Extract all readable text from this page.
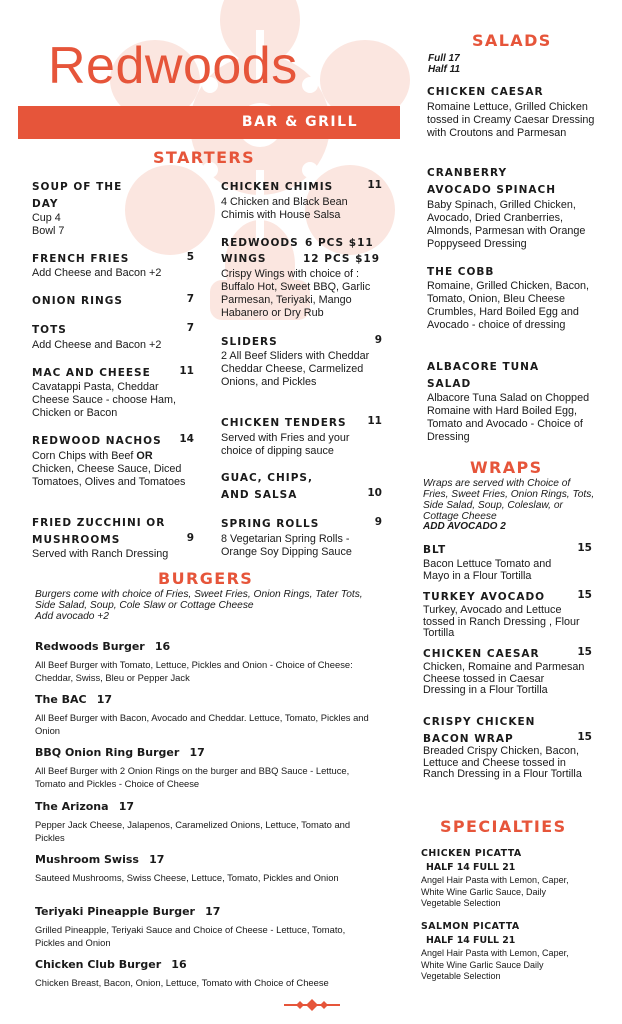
Redwoods
BAR & GRILL
STARTERS
SOUP OF THE DAY
Cup 4
Bowl 7
FRENCH FRIES	5
Add Cheese and Bacon +2
ONION RINGS	7
TOTS	7
Add Cheese and Bacon +2
MAC AND CHEESE	11
Cavatappi Pasta, Cheddar Cheese Sauce - choose Ham, Chicken or Bacon
REDWOOD NACHOS	14
Corn Chips with Beef OR Chicken, Cheese Sauce, Diced Tomatoes, Olives and Tomatoes
FRIED ZUCCHINI OR MUSHROOMS	9
Served with Ranch Dressing
CHICKEN CHIMIS	11
4 Chicken and Black Bean Chimis with House Salsa
REDWOODS 6 PCS $11
WINGS	12 PCS $19
Crispy Wings with choice of : Buffalo Hot, Sweet BBQ, Garlic Parmesan, Teriyaki, Mango Habanero or Dry Rub
SLIDERS	9
2 All Beef Sliders with Cheddar Cheddar Cheese, Carmelized Onions, and Pickles
CHICKEN TENDERS	11
Served with Fries and your choice of dipping sauce
GUAC, CHIPS, AND SALSA	10
SPRING ROLLS	9
8 Vegetarian Spring Rolls - Orange Soy Dipping Sauce
BURGERS
Burgers come with choice of Fries, Sweet Fries, Onion Rings, Tater Tots, Side Salad, Soup, Cole Slaw or Cottage Cheese
Add avocado +2
Redwoods Burger 16
All Beef Burger with Tomato, Lettuce, Pickles and Onion - Choice of Cheese: Cheddar, Swiss, Bleu or Pepper Jack
The BAC 17
All Beef Burger with Bacon, Avocado and Cheddar. Lettuce, Tomato, Pickles and Onion
BBQ Onion Ring Burger 17
All Beef Burger with 2 Onion Rings on the burger and BBQ Sauce - Lettuce, Tomato and Pickles - Choice of Cheese
The Arizona 17
Pepper Jack Cheese, Jalapenos, Caramelized Onions, Lettuce, Tomato and Pickles
Mushroom Swiss 17
Sauteed Mushrooms, Swiss Cheese, Lettuce, Tomato, Pickles and Onion
Teriyaki Pineapple Burger 17
Grilled Pineapple, Teriyaki Sauce and Choice of Cheese - Lettuce, Tomato, Pickles and Onion
Chicken Club Burger 16
Chicken Breast, Bacon, Onion, Lettuce, Tomato with Choice of Cheese
SALADS
Full 17
Half 11
CHICKEN CAESAR
Romaine Lettuce, Grilled Chicken tossed in Creamy Caesar Dressing with Croutons and Parmesan
CRANBERRY AVOCADO SPINACH
Baby Spinach, Grilled Chicken, Avocado, Dried Cranberries, Almonds, Parmesan with Orange Poppyseed Dressing
THE COBB
Romaine, Grilled Chicken, Bacon, Tomato, Onion, Bleu Cheese Crumbles, Hard Boiled Egg and Avocado - choice of dressing
ALBACORE TUNA SALAD
Albacore Tuna Salad on Chopped Romaine with Hard Boiled Egg, Tomato and Avocado - Choice of Dressing
WRAPS
Wraps are served with Choice of Fries, Sweet Fries, Onion Rings, Tots, Side Salad, Soup, Coleslaw, or Cottage Cheese
ADD AVOCADO 2
BLT	15
Bacon Lettuce Tomato and Mayo in a Flour Tortilla
TURKEY AVOCADO	15
Turkey, Avocado and Lettuce tossed in Ranch Dressing , Flour Tortilla
CHICKEN CAESAR	15
Chicken, Romaine and Parmesan Cheese tossed in Caesar Dressing in a Flour Tortilla
CRISPY CHICKEN BACON WRAP	15
Breaded Crispy Chicken, Bacon, Lettuce and Cheese tossed in Ranch Dressing in a Flour Tortilla
SPECIALTIES
CHICKEN PICATTA
HALF 14 FULL 21
Angel Hair Pasta with Lemon, Caper, White Wine Garlic Sauce, Daily Vegetable Selection
SALMON PICATTA
HALF 14 FULL 21
Angel Hair Pasta with Lemon, Caper, White Wine Garlic Sauce Daily Vegetable Selection
